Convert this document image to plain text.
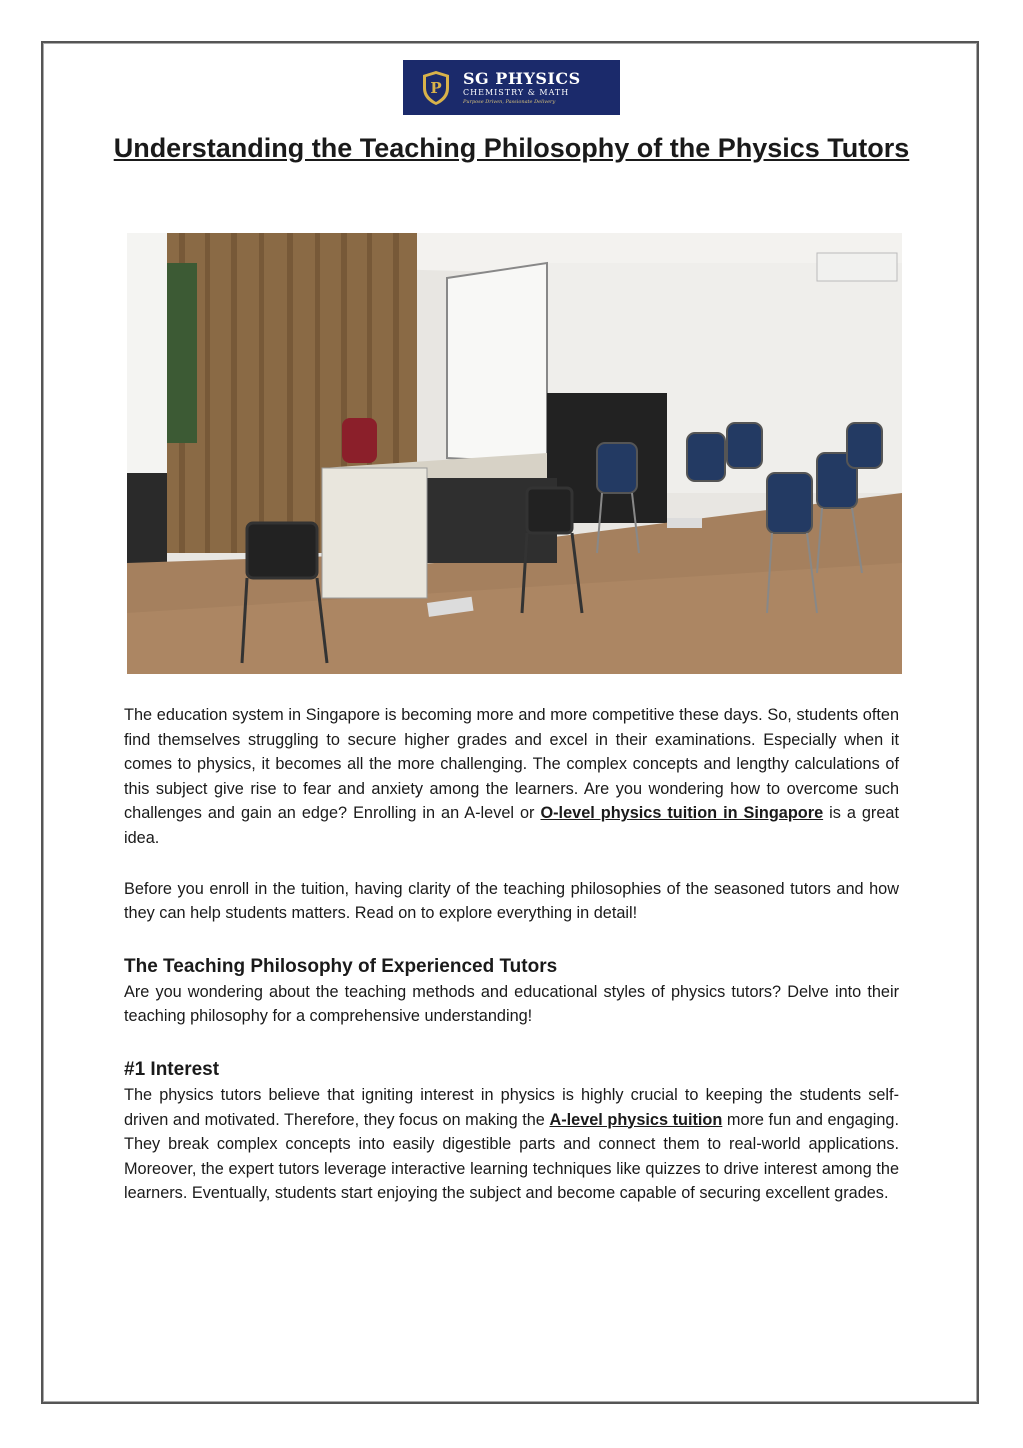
P SG PHYSICS
CHEMISTRY & MATH
Purpose Driven, Passionate Delivery
Understanding the Teaching Philosophy of the Physics Tutors

The education system in Singapore is becoming more and more competitive these days. So, students often find themselves struggling to secure higher grades and excel in their examinations. Especially when it comes to physics, it becomes all the more challenging. The complex concepts and lengthy calculations of this subject give rise to fear and anxiety among the learners. Are you wondering how to overcome such challenges and gain an edge? Enrolling in an A-level or O-level physics tuition in Singapore is a great idea.

Before you enroll in the tuition, having clarity of the teaching philosophies of the seasoned tutors and how they can help students matters. Read on to explore everything in detail!

The Teaching Philosophy of Experienced Tutors

Are you wondering about the teaching methods and educational styles of physics tutors? Delve into their teaching philosophy for a comprehensive understanding!

#1 Interest

The physics tutors believe that igniting interest in physics is highly crucial to keeping the students self-driven and motivated. Therefore, they focus on making the A-level physics tuition more fun and engaging. They break complex concepts into easily digestible parts and connect them to real-world applications. Moreover, the expert tutors leverage interactive learning techniques like quizzes to drive interest among the learners. Eventually, students start enjoying the subject and become capable of securing excellent grades.
